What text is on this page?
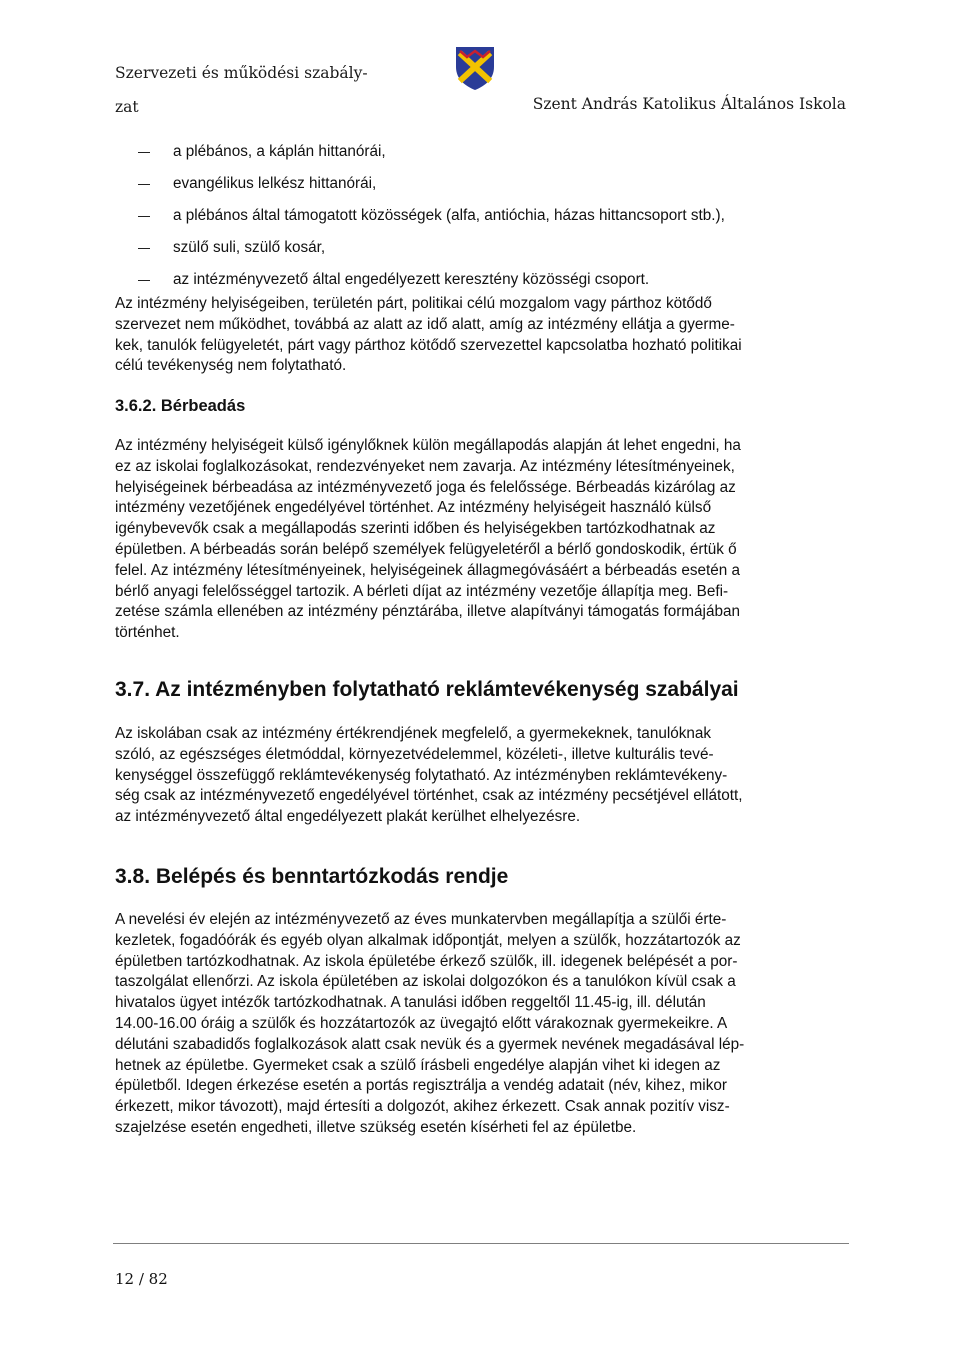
Szervezeti és működési szabály-
zat	Szent András Katolikus Általános Iskola
a plébános, a káplán hittanórái,
evangélikus lelkész hittanórái,
a plébános által támogatott közösségek (alfa, antióchia, házas hittancsoport stb.),
szülő suli, szülő kosár,
az intézményvezető által engedélyezett keresztény közösségi csoport.
Az intézmény helyiségeiben, területén párt, politikai célú mozgalom vagy párthoz kötődő
szervezet nem működhet, továbbá az alatt az idő alatt, amíg az intézmény ellátja a gyerme-
kek, tanulók felügyeletét, párt vagy párthoz kötődő szervezettel kapcsolatba hozható politikai
célú tevékenység nem folytatható.
3.6.2. Bérbeadás
Az intézmény helyiségeit külső igénylőknek külön megállapodás alapján át lehet engedni, ha
ez az iskolai foglalkozásokat, rendezvényeket nem zavarja. Az intézmény létesítményeinek,
helyiségeinek bérbeadása az intézményvezető joga és felelőssége. Bérbeadás kizárólag az
intézmény vezetőjének engedélyével történhet. Az intézmény helyiségeit használó külső
igénybevevők csak a megállapodás szerinti időben és helyiségekben tartózkodhatnak az
épületben. A bérbeadás során belépő személyek felügyeletéről a bérlő gondoskodik, értük ő
felel. Az intézmény létesítményeinek, helyiségeinek állagmegóvásáért a bérbeadás esetén a
bérlő anyagi felelősséggel tartozik. A bérleti díjat az intézmény vezetője állapítja meg. Befi-
zetése számla ellenében az intézmény pénztárába, illetve alapítványi támogatás formájában
történhet.
3.7. Az intézményben folytatható reklámtevékenység szabályai
Az iskolában csak az intézmény értékrendjének megfelelő, a gyermekeknek, tanulóknak
szóló, az egészséges életmóddal, környezetvédelemmel, közéleti-, illetve kulturális tevé-
kenységgel összefüggő reklámtevékenység folytatható. Az intézményben reklámtevékeny-
ség csak az intézményvezető engedélyével történhet, csak az intézmény pecsétjével ellátott,
az intézményvezető által engedélyezett plakát kerülhet elhelyezésre.
3.8. Belépés és benntartózkodás rendje
A nevelési év elején az intézményvezető az éves munkatervben megállapítja a szülői érte-
kezletek, fogadóórák és egyéb olyan alkalmak időpontját, melyen a szülők, hozzátartozók az
épületben tartózkodhatnak. Az iskola épületébe érkező szülők, ill. idegenek belépését a por-
taszolgálat ellenőrzi. Az iskola épületében az iskolai dolgozókon és a tanulókon kívül csak a
hivatalos ügyet intézők tartózkodhatnak. A tanulási időben reggeltől 11.45-ig, ill. délután
14.00-16.00 óráig a szülők és hozzátartozók az üvegajtó előtt várakoznak gyermekeikre. A
délutáni szabadidős foglalkozások alatt csak nevük és a gyermek nevének megadásával lép-
hetnek az épületbe. Gyermeket csak a szülő írásbeli engedélye alapján vihet ki idegen az
épületből. Idegen érkezése esetén a portás regisztrálja a vendég adatait (név, kihez, mikor
érkezett, mikor távozott), majd értesíti a dolgozót, akihez érkezett. Csak annak pozitív visz-
szajelzése esetén engedheti, illetve szükség esetén kísérheti fel az épületbe.
12 / 82
